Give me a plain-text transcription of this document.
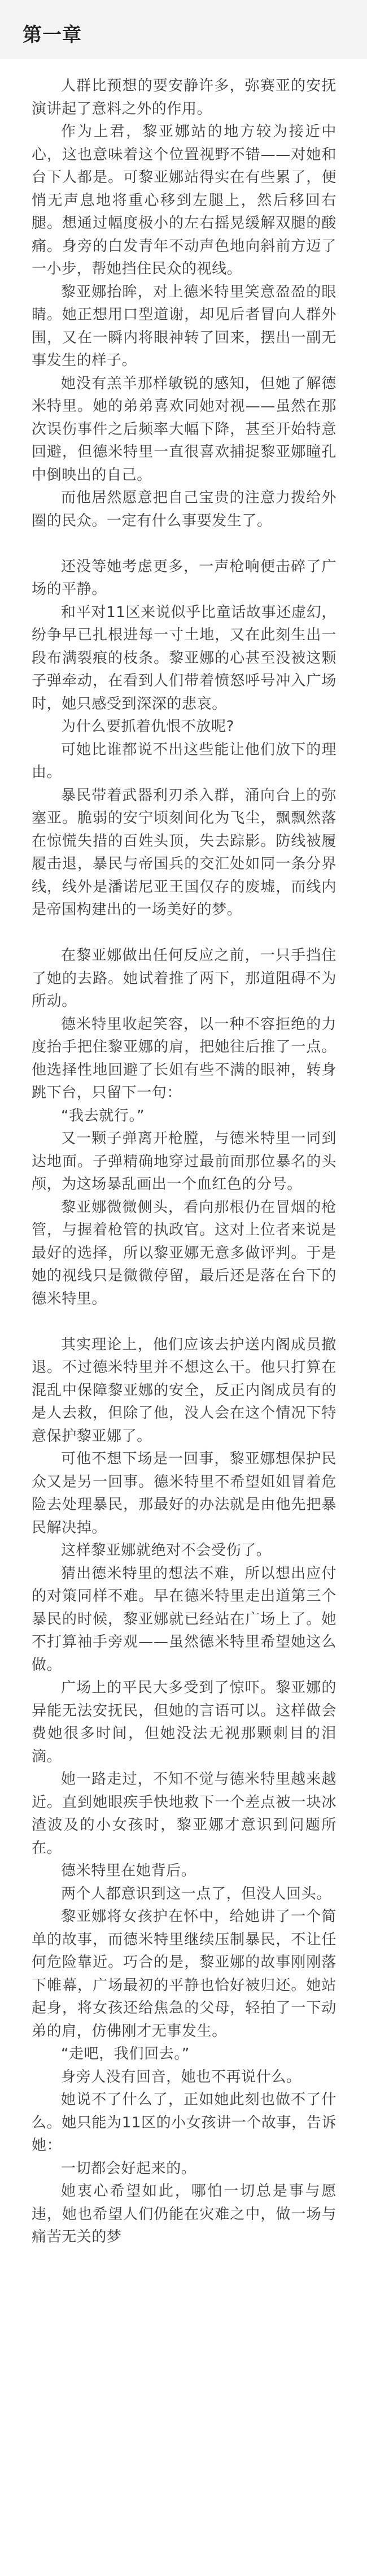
第一章

人群比预想的要安静许多，弥赛亚的安抚演讲起了意料之外的作用。

作为上君，黎亚娜站的地方较为接近中心，这也意味着这个位置视野不错——对她和台下人都是。可黎亚娜站得实在有些累了，便悄无声息地将重心移到左腿上，然后移回右腿。想通过幅度极小的左右摇晃缓解双腿的酸痛。身旁的白发青年不动声色地向斜前方迈了一小步，帮她挡住民众的视线。

黎亚娜抬眸，对上德米特里笑意盈盈的眼睛。她正想用口型道谢，却见后者冒向人群外围，又在一瞬内将眼神转了回来，摆出一副无事发生的样子。

她没有羔羊那样敏锐的感知，但她了解德米特里。她的弟弟喜欢同她对视——虽然在那次误伤事件之后频率大幅下降，甚至开始特意回避，但德米特里一直很喜欢捕捉黎亚娜瞳孔中倒映出的自己。

而他居然愿意把自己宝贵的注意力拨给外圈的民众。一定有什么事要发生了。

还没等她考虑更多，一声枪响便击碎了广场的平静。

和平对11区来说似乎比童话故事还虚幻，纷争早已扎根进每一寸土地，又在此刻生出一段布满裂痕的枝条。黎亚娜的心甚至没被这颗子弹牵动，在看到人们带着愤怒呼号冲入广场时，她只感受到深深的悲哀。

为什么要抓着仇恨不放呢?

可她比谁都说不出这些能让他们放下的理由。

暴民带着武器利刃杀入群，涌向台上的弥塞亚。脆弱的安宁顷刻间化为飞尘，飘飘然落在惊慌失措的百姓头顶，失去踪影。防线被履履击退，暴民与帝国兵的交汇处如同一条分界线，线外是潘诺尼亚王国仅存的废墟，而线内是帝国构建出的一场美好的梦。

在黎亚娜做出任何反应之前，一只手挡住了她的去路。她试着推了两下，那道阻碍不为所动。

德米特里收起笑容，以一种不容拒绝的力度抬手把住黎亚娜的肩，把她往后推了一点。他选择性地回避了长姐有些不满的眼神，转身跳下台，只留下一句：

“我去就行。”

又一颗子弹离开枪膛，与德米特里一同到达地面。子弹精确地穿过最前面那位暴名的头颅，为这场暴乱画出一个血红色的分号。

黎亚娜微微侧头，看向那根仍在冒烟的枪管，与握着枪管的执政官。这对上位者来说是最好的选择，所以黎亚娜无意多做评判。于是她的视线只是微微停留，最后还是落在台下的德米特里。

其实理论上，他们应该去护送内阁成员撤退。不过德米特里并不想这么干。他只打算在混乱中保障黎亚娜的安全，反正内阁成员有的是人去救，但除了他，没人会在这个情况下特意保护黎亚娜了。

可他不想下场是一回事，黎亚娜想保护民众又是另一回事。德米特里不希望姐姐冒着危险去处理暴民，那最好的办法就是由他先把暴民解决掉。

这样黎亚娜就绝对不会受伤了。

猜出德米特里的想法不难，所以想出应付的对策同样不难。早在德米特里走出道第三个暴民的时候，黎亚娜就已经站在广场上了。她不打算袖手旁观——虽然德米特里希望她这么做。

广场上的平民大多受到了惊吓。黎亚娜的异能无法安抚民，但她的言语可以。这样做会费她很多时间，但她没法无视那颗刺目的泪滴。

她一路走过，不知不觉与德米特里越来越近。直到她眼疾手快地救下一个差点被一块冰渣波及的小女孩时，黎亚娜才意识到问题所在。

德米特里在她背后。

两个人都意识到这一点了，但没人回头。

黎亚娜将女孩护在怀中，给她讲了一个简单的故事，而德米特里继续压制暴民，不让任何危险靠近。巧合的是，黎亚娜的故事刚刚落下帷幕，广场最初的平静也恰好被归还。她站起身，将女孩还给焦急的父母，轻拍了一下动弟的肩，仿佛刚才无事发生。

“走吧，我们回去。”

身旁人没有回音，她也不再说什么。

她说不了什么了，正如她此刻也做不了什么。她只能为11区的小女孩讲一个故事，告诉她：

一切都会好起来的。

她衷心希望如此，哪怕一切总是事与愿违，她也希望人们仍能在灾难之中，做一场与痛苦无关的梦
